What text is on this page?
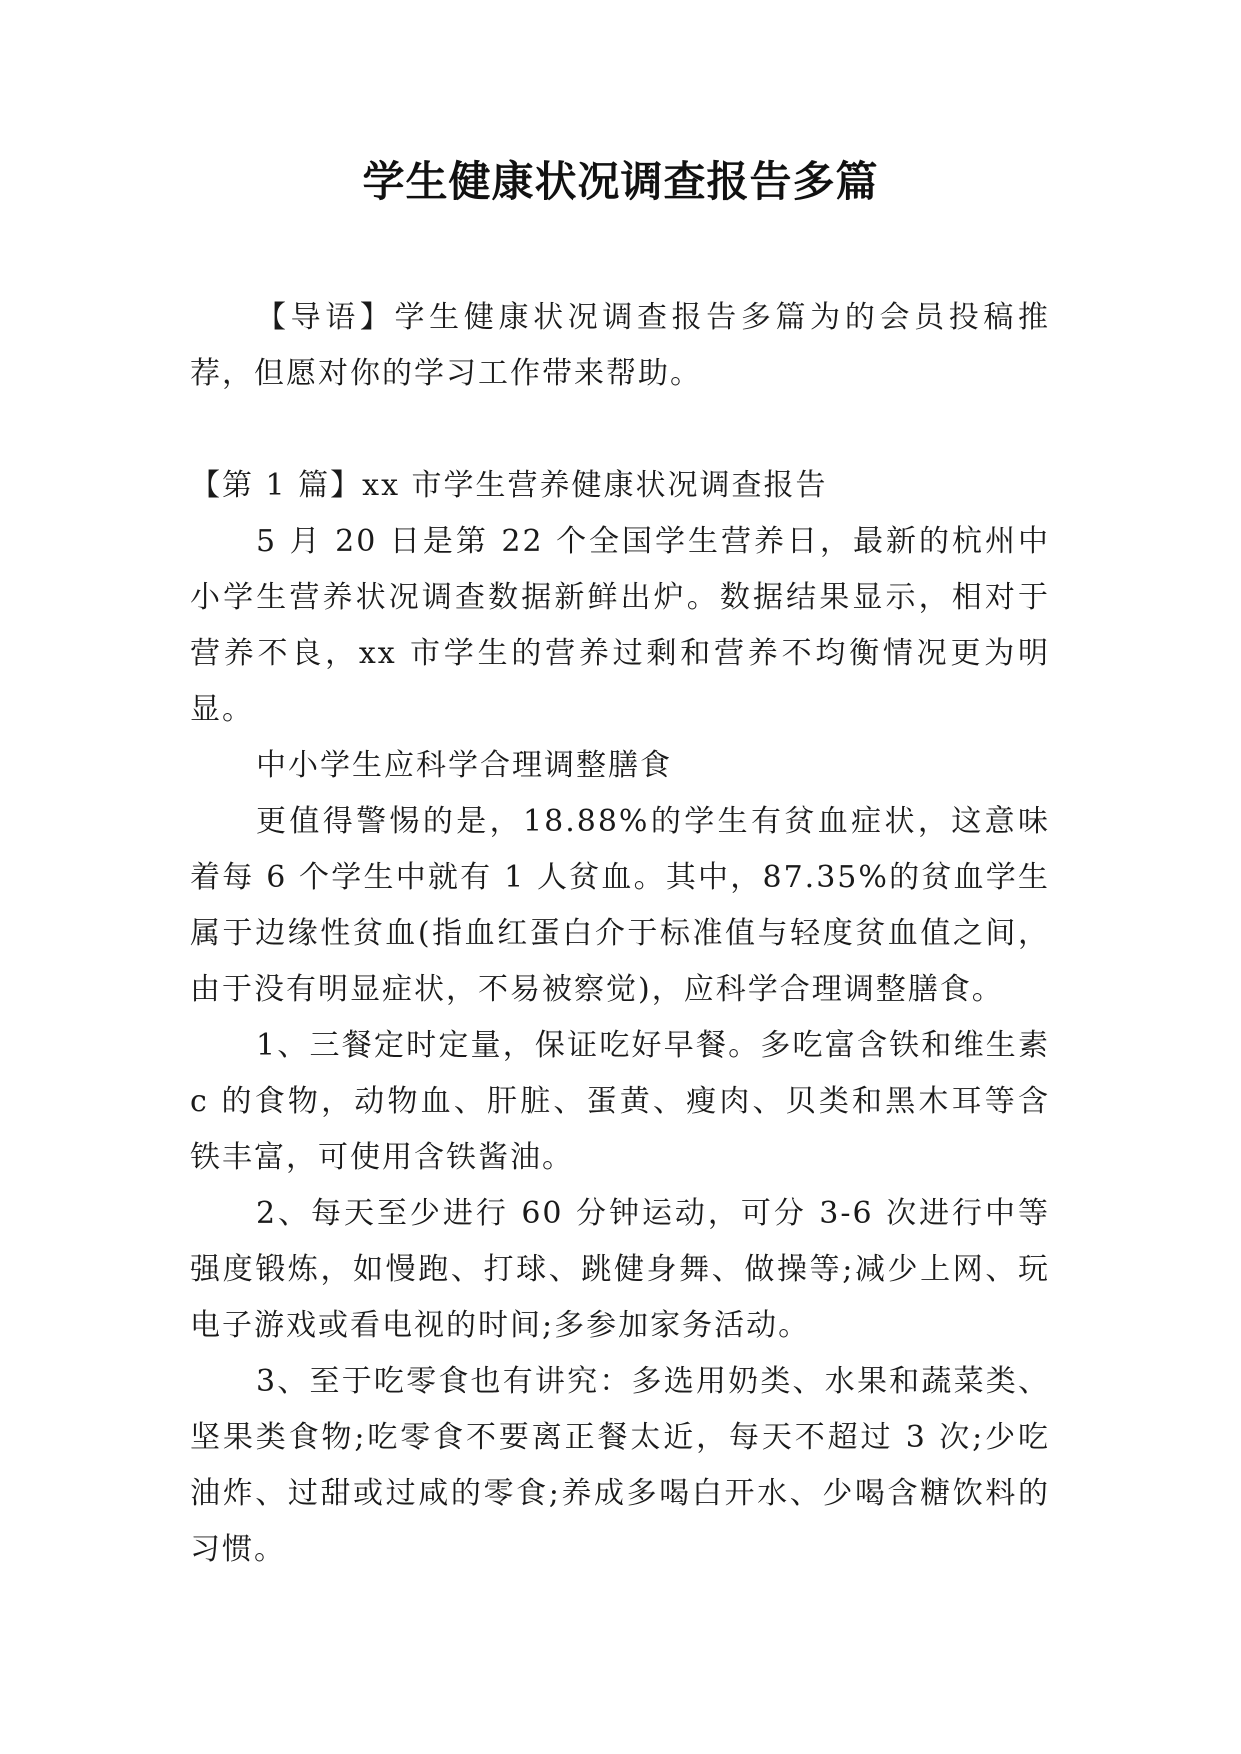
学生健康状况调查报告多篇

【导语】学生健康状况调查报告多篇为的会员投稿推荐，但愿对你的学习工作带来帮助。

【第 1 篇】xx 市学生营养健康状况调查报告

5 月 20 日是第 22 个全国学生营养日，最新的杭州中小学生营养状况调查数据新鲜出炉。数据结果显示，相对于营养不良，xx 市学生的营养过剩和营养不均衡情况更为明显。

中小学生应科学合理调整膳食

更值得警惕的是，18.88%的学生有贫血症状，这意味着每 6 个学生中就有 1 人贫血。其中，87.35%的贫血学生属于边缘性贫血(指血红蛋白介于标准值与轻度贫血值之间，由于没有明显症状，不易被察觉)，应科学合理调整膳食。

1、三餐定时定量，保证吃好早餐。多吃富含铁和维生素 c 的食物，动物血、肝脏、蛋黄、瘦肉、贝类和黑木耳等含铁丰富，可使用含铁酱油。

2、每天至少进行 60 分钟运动，可分 3-6 次进行中等强度锻炼，如慢跑、打球、跳健身舞、做操等;减少上网、玩电子游戏或看电视的时间;多参加家务活动。

3、至于吃零食也有讲究：多选用奶类、水果和蔬菜类、坚果类食物;吃零食不要离正餐太近，每天不超过 3 次;少吃油炸、过甜或过咸的零食;养成多喝白开水、少喝含糖饮料的习惯。
